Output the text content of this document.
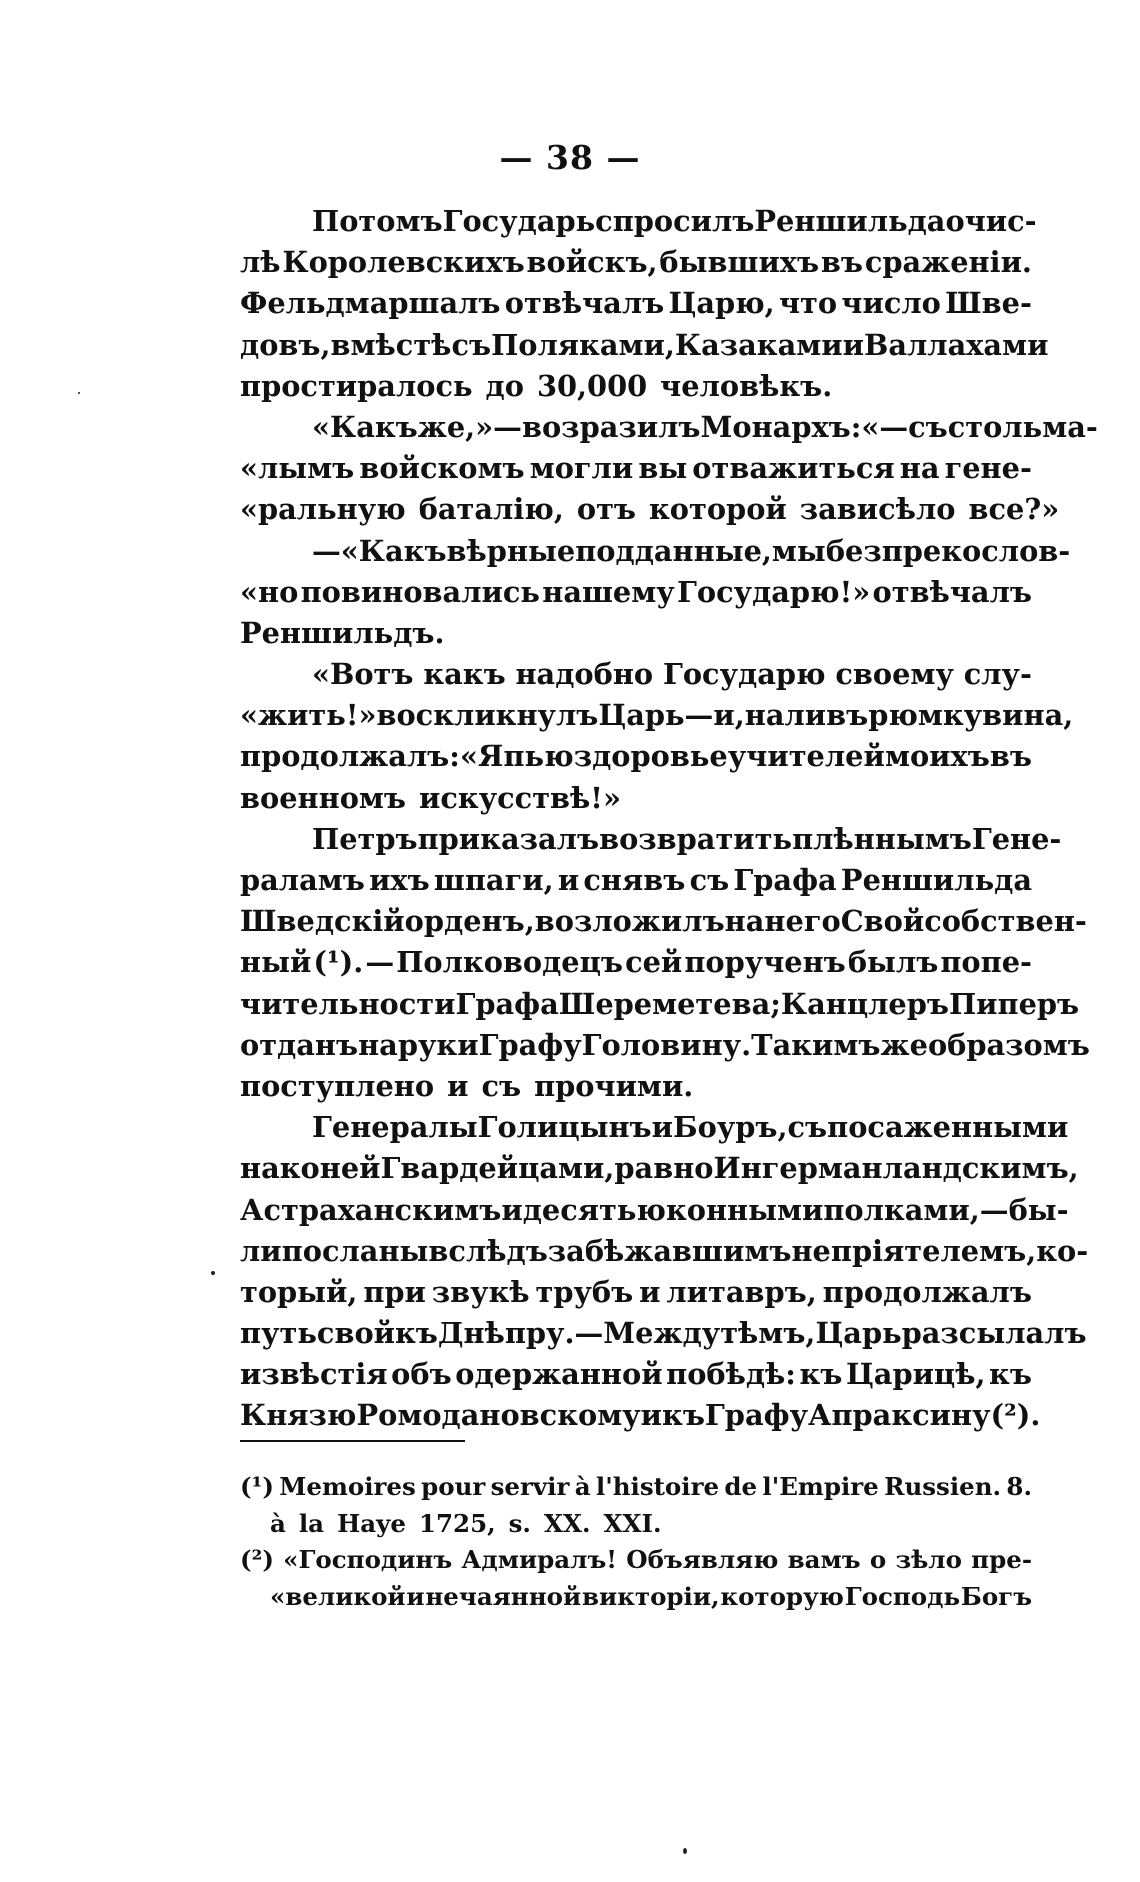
— 38 —
Потомъ Государь спросилъ Реншильда о чис-
лѣ Королевскихъ войскъ, бывшихъ въ сраженіи.
Фельдмаршалъ отвѣчалъ Царю, что число Шве-
довъ, вмѣстѣ съ Поляками, Казаками и Валлахами
простиралось до 30,000 человѣкъ.
«Какъ же,»—возразилъ Монархъ:«—съ столь ма-
«лымъ войскомъ могли вы отважиться на гене-
«ральную баталію, отъ которой зависѣло все?»
—«Какъ вѣрные подданные, мы безпрекослов-
«но повиновались нашему Государю!» отвѣчалъ
Реншильдъ.
«Вотъ какъ надобно Государю своему слу-
«жить!» воскликнулъ Царь—и, наливъ рюмку вина,
продолжалъ: «Я пью здоровье учителей моихъ въ
военномъ искусствѣ!»
Петръ приказалъ возвратить плѣннымъ Гене-
раламъ ихъ шпаги, и снявъ съ Графа Реншильда
Шведскій орденъ, возложилъ на него Свой собствен-
ный (¹). — Полководецъ сей порученъ былъ попе-
чительности Графа Шереметева; Канцлеръ Пиперъ
отданъ на руки Графу Головину. Такимъ же образомъ
поступлено и съ прочими.
Генералы Голицынъ и Боуръ, съ посаженными
на коней Гвардейцами, равно Ингерманландскимъ,
Астраханскимъ и десятью конными полками,—бы-
ли посланы вслѣдъ за бѣжавшимъ непріятелемъ, ко-
торый, при звукѣ трубъ и литавръ, продолжалъ
путь свой къ Днѣпру.—Между тѣмъ, Царь разсылалъ
извѣстія объ одержанной побѣдѣ: къ Царицѣ, къ
Князю Ромодановскому и къ Графу Апраксину (²).
(¹) Memoires pour servir à l'histoire de l'Empire Russien. 8.
à la Haye 1725, s. XX. XXI.
(²) «Господинъ Адмиралъ! Объявляю вамъ о зѣло пре-
«великой и нечаянной викторіи, которую Господь Богъ
